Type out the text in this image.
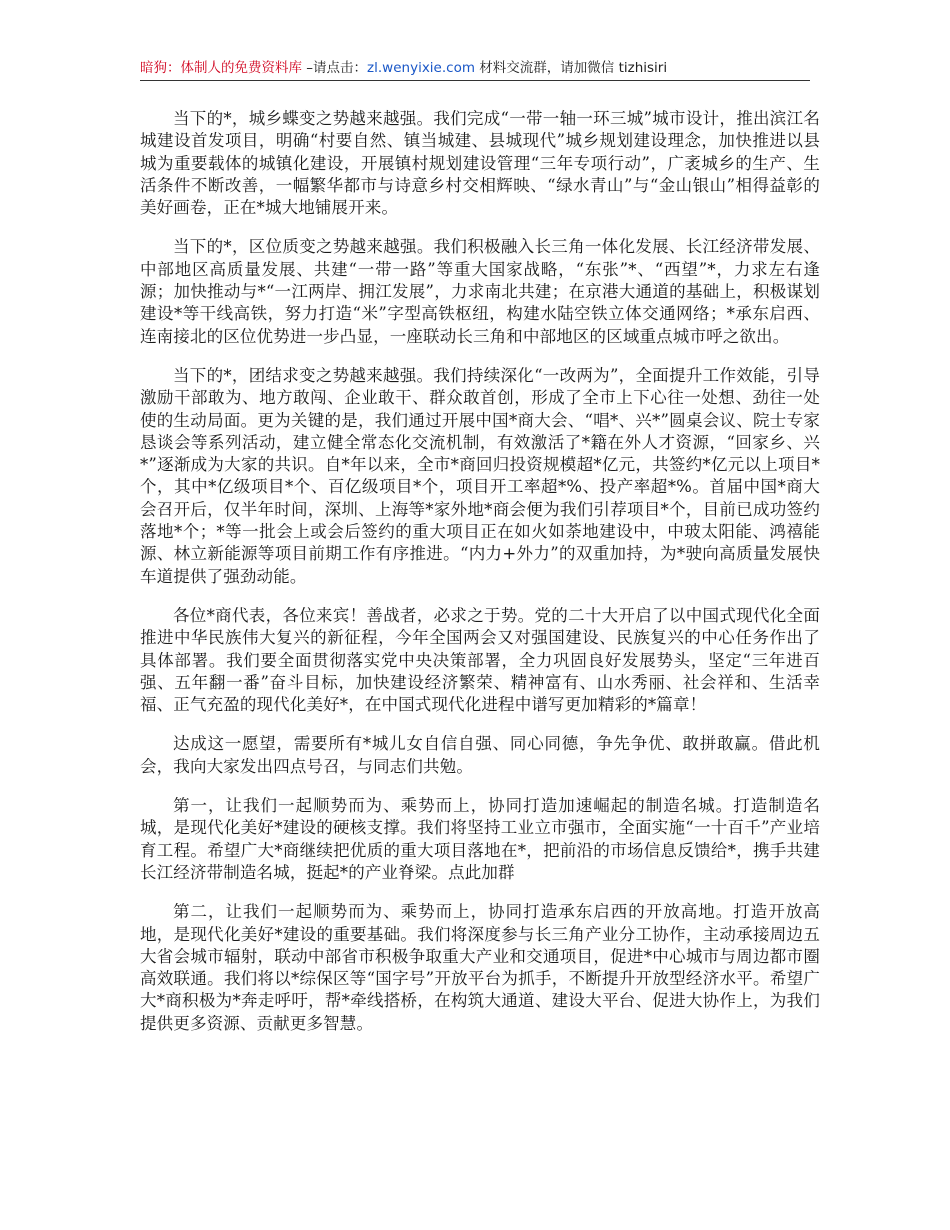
暗狗：体制人的免费资料库 –请点击：zl.wenyixie.com 材料交流群，请加微信 tizhisiri

当下的*，城乡蝶变之势越来越强。我们完成“一带一轴一环三城”城市设计，推出滨江名城建设首发项目，明确“村要自然、镇当城建、县城现代”城乡规划建设理念，加快推进以县城为重要载体的城镇化建设，开展镇村规划建设管理“三年专项行动”，广袤城乡的生产、生活条件不断改善，一幅繁华都市与诗意乡村交相辉映、“绿水青山”与“金山银山”相得益彰的美好画卷，正在*城大地铺展开来。

当下的*，区位质变之势越来越强。我们积极融入长三角一体化发展、长江经济带发展、中部地区高质量发展、共建“一带一路”等重大国家战略，“东张”*、“西望”*，力求左右逢源；加快推动与*“一江两岸、拥江发展”，力求南北共建；在京港大通道的基础上，积极谋划建设*等干线高铁，努力打造“米”字型高铁枢纽，构建水陆空铁立体交通网络；*承东启西、连南接北的区位优势进一步凸显，一座联动长三角和中部地区的区域重点城市呼之欲出。

当下的*，团结求变之势越来越强。我们持续深化“一改两为”，全面提升工作效能，引导激励干部敢为、地方敢闯、企业敢干、群众敢首创，形成了全市上下心往一处想、劲往一处使的生动局面。更为关键的是，我们通过开展中国*商大会、“唱*、兴*”圆桌会议、院士专家恳谈会等系列活动，建立健全常态化交流机制，有效激活了*籍在外人才资源，“回家乡、兴*”逐渐成为大家的共识。自*年以来，全市*商回归投资规模超*亿元，共签约*亿元以上项目*个，其中*亿级项目*个、百亿级项目*个，项目开工率超*%、投产率超*%。首届中国*商大会召开后，仅半年时间，深圳、上海等*家外地*商会便为我们引荐项目*个，目前已成功签约落地*个；*等一批会上或会后签约的重大项目正在如火如荼地建设中，中玻太阳能、鸿禧能源、林立新能源等项目前期工作有序推进。“内力+外力”的双重加持，为*驶向高质量发展快车道提供了强劲动能。

各位*商代表，各位来宾！善战者，必求之于势。党的二十大开启了以中国式现代化全面推进中华民族伟大复兴的新征程，今年全国两会又对强国建设、民族复兴的中心任务作出了具体部署。我们要全面贯彻落实党中央决策部署，全力巩固良好发展势头，坚定“三年进百强、五年翻一番”奋斗目标，加快建设经济繁荣、精神富有、山水秀丽、社会祥和、生活幸福、正气充盈的现代化美好*，在中国式现代化进程中谱写更加精彩的*篇章！

达成这一愿望，需要所有*城儿女自信自强、同心同德，争先争优、敢拼敢赢。借此机会，我向大家发出四点号召，与同志们共勉。

第一，让我们一起顺势而为、乘势而上，协同打造加速崛起的制造名城。打造制造名城，是现代化美好*建设的硬核支撑。我们将坚持工业立市强市，全面实施“一十百千”产业培育工程。希望广大*商继续把优质的重大项目落地在*，把前沿的市场信息反馈给*，携手共建长江经济带制造名城，挺起*的产业脊梁。点此加群

第二，让我们一起顺势而为、乘势而上，协同打造承东启西的开放高地。打造开放高地，是现代化美好*建设的重要基础。我们将深度参与长三角产业分工协作，主动承接周边五大省会城市辐射，联动中部省市积极争取重大产业和交通项目，促进*中心城市与周边都市圈高效联通。我们将以*综保区等“国字号”开放平台为抓手，不断提升开放型经济水平。希望广大*商积极为*奔走呼吁，帮*牵线搭桥，在构筑大通道、建设大平台、促进大协作上，为我们提供更多资源、贡献更多智慧。
